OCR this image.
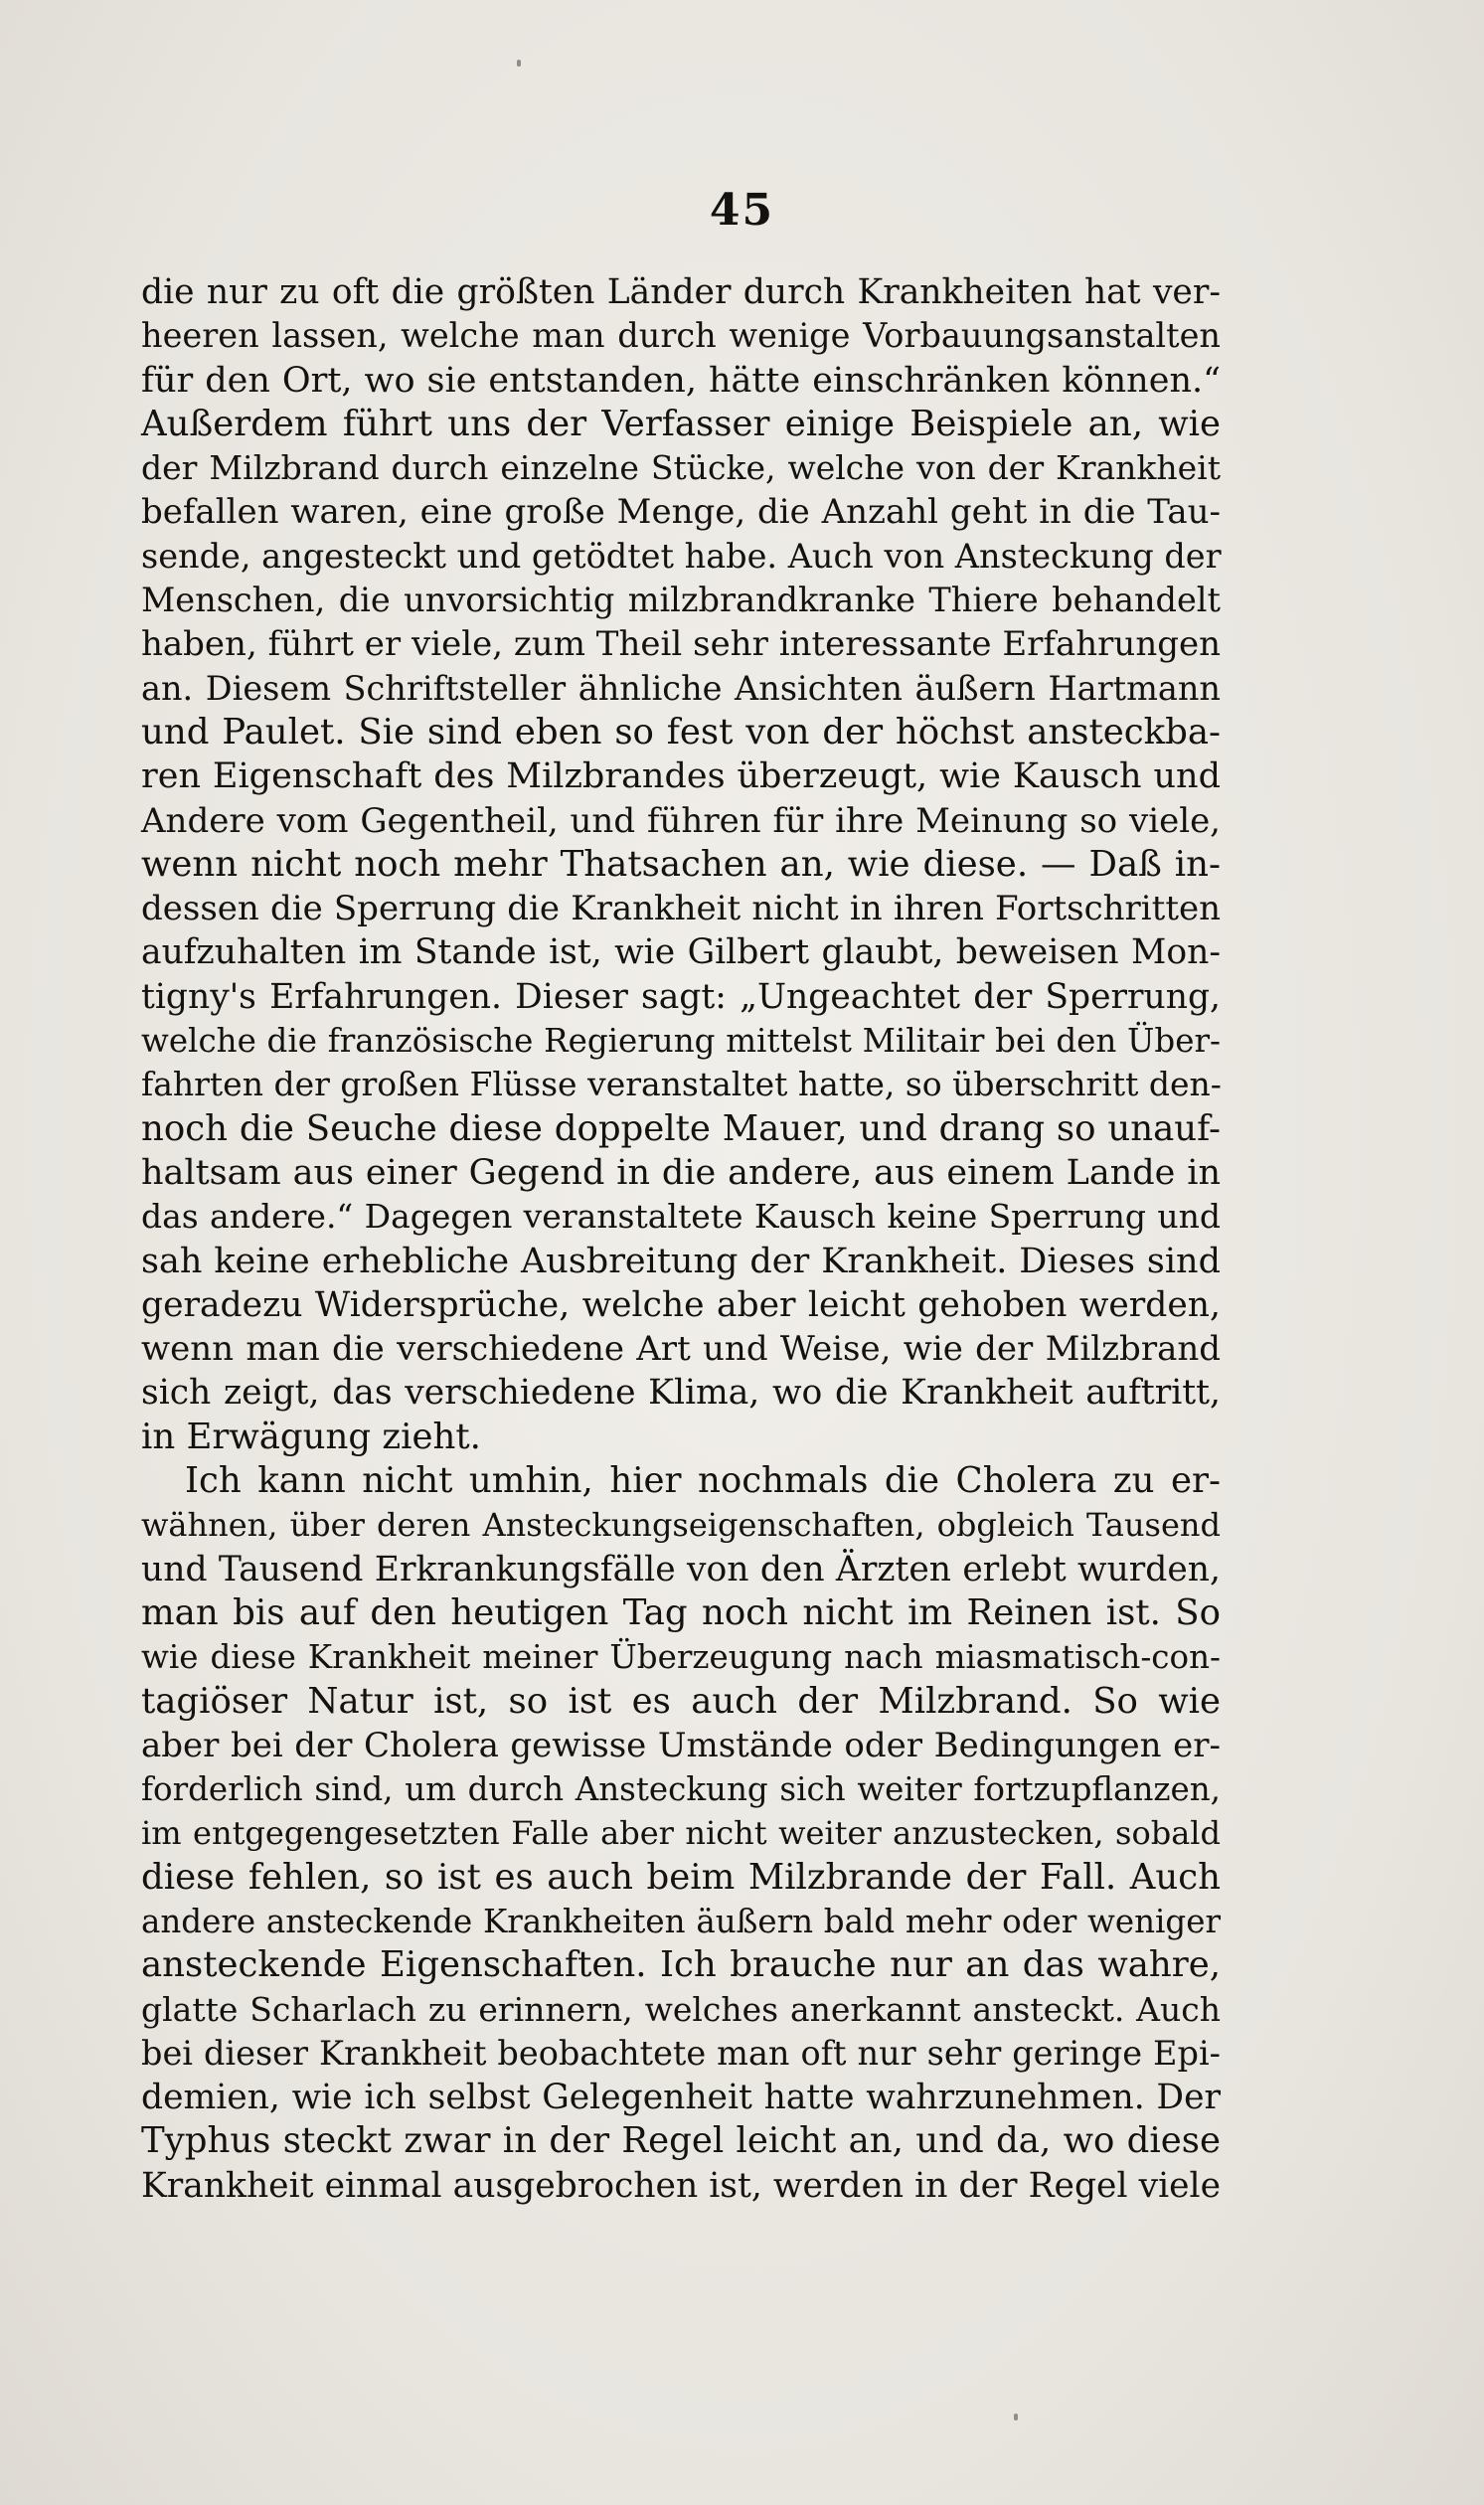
45
die nur zu oft die größten Länder durch Krankheiten hat ver-
heeren lassen, welche man durch wenige Vorbauungsanstalten
für den Ort, wo sie entstanden, hätte einschränken können.“
Außerdem führt uns der Verfasser einige Beispiele an, wie
der Milzbrand durch einzelne Stücke, welche von der Krankheit
befallen waren, eine große Menge, die Anzahl geht in die Tau-
sende, angesteckt und getödtet habe. Auch von Ansteckung der
Menschen, die unvorsichtig milzbrandkranke Thiere behandelt
haben, führt er viele, zum Theil sehr interessante Erfahrungen
an. Diesem Schriftsteller ähnliche Ansichten äußern Hartmann
und Paulet. Sie sind eben so fest von der höchst ansteckba-
ren Eigenschaft des Milzbrandes überzeugt, wie Kausch und
Andere vom Gegentheil, und führen für ihre Meinung so viele,
wenn nicht noch mehr Thatsachen an, wie diese. — Daß in-
dessen die Sperrung die Krankheit nicht in ihren Fortschritten
aufzuhalten im Stande ist, wie Gilbert glaubt, beweisen Mon-
tigny's Erfahrungen. Dieser sagt: „Ungeachtet der Sperrung,
welche die französische Regierung mittelst Militair bei den Über-
fahrten der großen Flüsse veranstaltet hatte, so überschritt den-
noch die Seuche diese doppelte Mauer, und drang so unauf-
haltsam aus einer Gegend in die andere, aus einem Lande in
das andere.“ Dagegen veranstaltete Kausch keine Sperrung und
sah keine erhebliche Ausbreitung der Krankheit. Dieses sind
geradezu Widersprüche, welche aber leicht gehoben werden,
wenn man die verschiedene Art und Weise, wie der Milzbrand
sich zeigt, das verschiedene Klima, wo die Krankheit auftritt,
in Erwägung zieht.
Ich kann nicht umhin, hier nochmals die Cholera zu er-
wähnen, über deren Ansteckungseigenschaften, obgleich Tausend
und Tausend Erkrankungsfälle von den Ärzten erlebt wurden,
man bis auf den heutigen Tag noch nicht im Reinen ist. So
wie diese Krankheit meiner Überzeugung nach miasmatisch-con-
tagiöser Natur ist, so ist es auch der Milzbrand. So wie
aber bei der Cholera gewisse Umstände oder Bedingungen er-
forderlich sind, um durch Ansteckung sich weiter fortzupflanzen,
im entgegengesetzten Falle aber nicht weiter anzustecken, sobald
diese fehlen, so ist es auch beim Milzbrande der Fall. Auch
andere ansteckende Krankheiten äußern bald mehr oder weniger
ansteckende Eigenschaften. Ich brauche nur an das wahre,
glatte Scharlach zu erinnern, welches anerkannt ansteckt. Auch
bei dieser Krankheit beobachtete man oft nur sehr geringe Epi-
demien, wie ich selbst Gelegenheit hatte wahrzunehmen. Der
Typhus steckt zwar in der Regel leicht an, und da, wo diese
Krankheit einmal ausgebrochen ist, werden in der Regel viele
